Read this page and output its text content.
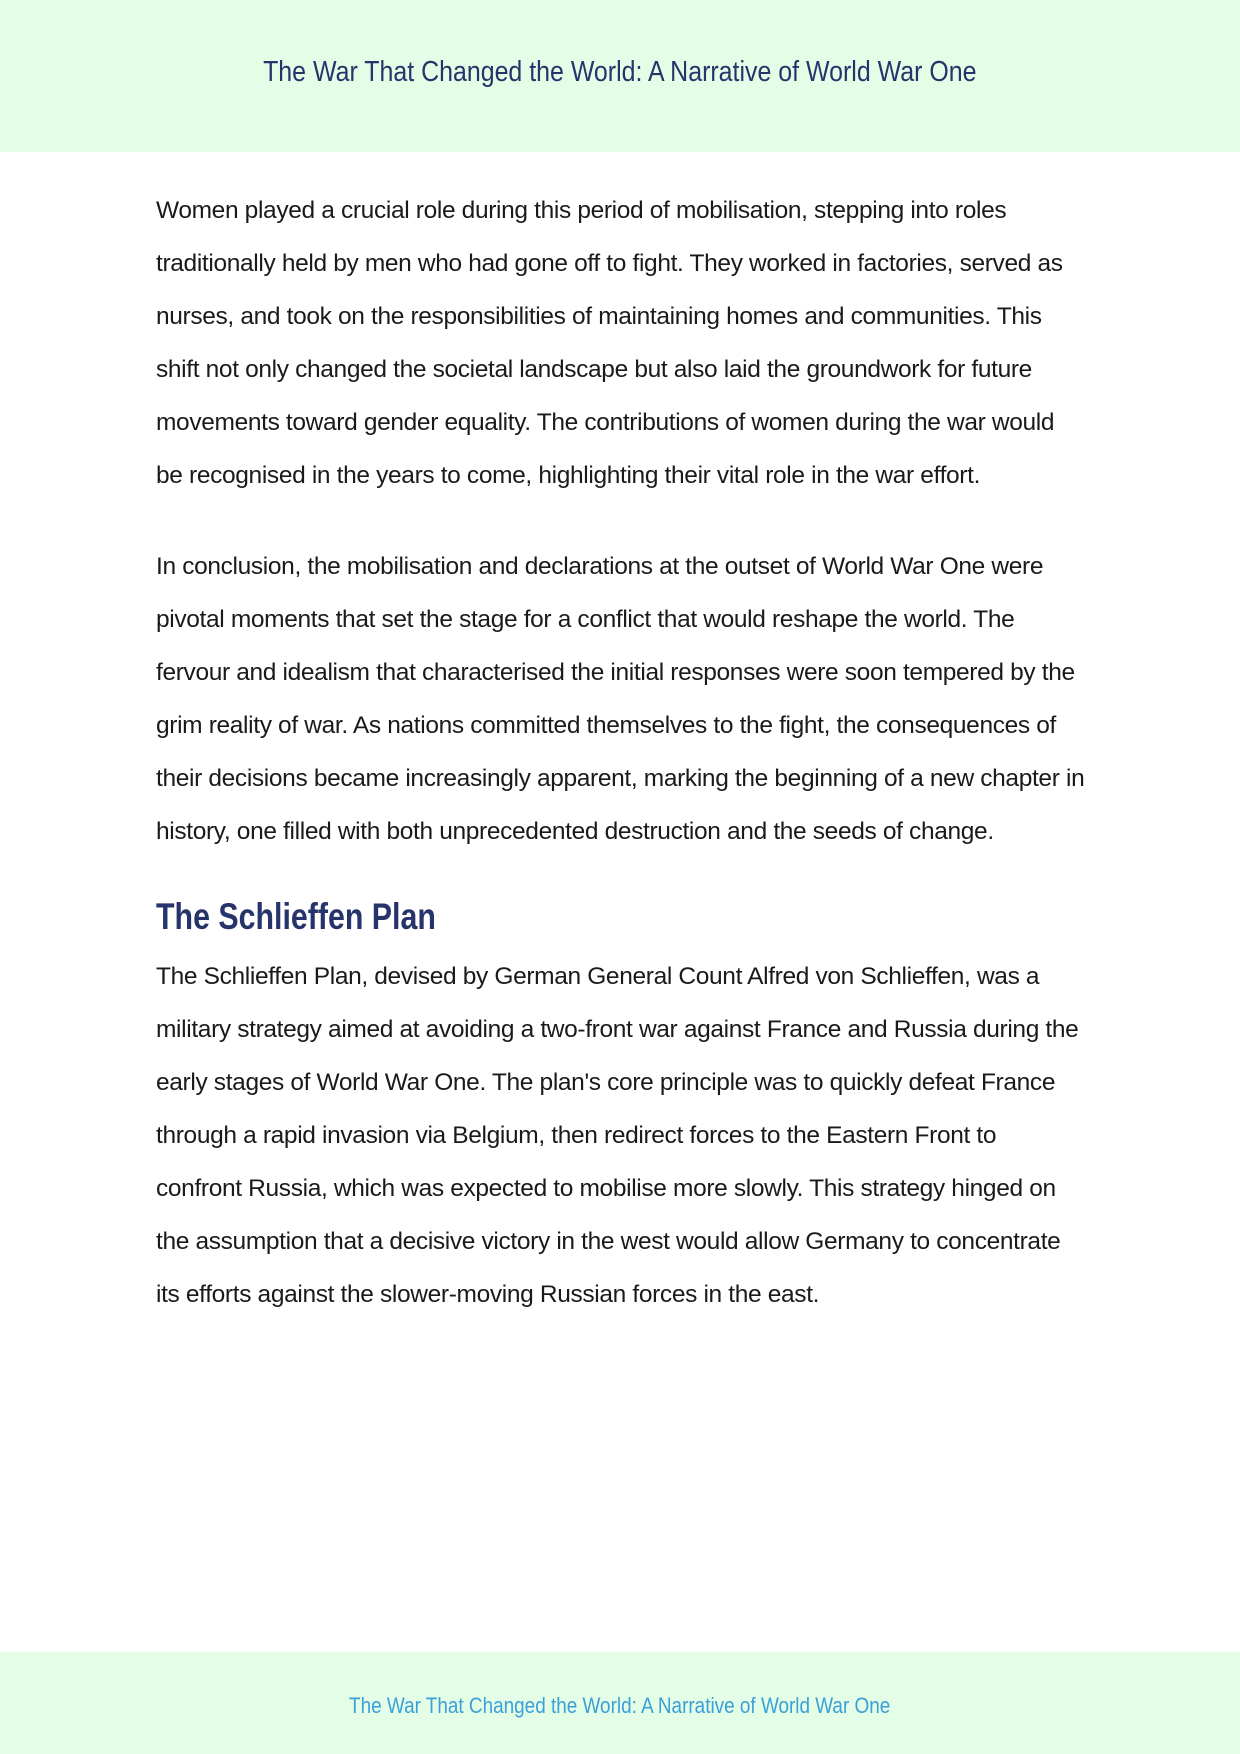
The War That Changed the World: A Narrative of World War One

Women played a crucial role during this period of mobilisation, stepping into roles traditionally held by men who had gone off to fight. They worked in factories, served as nurses, and took on the responsibilities of maintaining homes and communities. This shift not only changed the societal landscape but also laid the groundwork for future movements toward gender equality. The contributions of women during the war would be recognised in the years to come, highlighting their vital role in the war effort.

In conclusion, the mobilisation and declarations at the outset of World War One were pivotal moments that set the stage for a conflict that would reshape the world. The fervour and idealism that characterised the initial responses were soon tempered by the grim reality of war. As nations committed themselves to the fight, the consequences of their decisions became increasingly apparent, marking the beginning of a new chapter in history, one filled with both unprecedented destruction and the seeds of change.

The Schlieffen Plan

The Schlieffen Plan, devised by German General Count Alfred von Schlieffen, was a military strategy aimed at avoiding a two-front war against France and Russia during the early stages of World War One. The plan's core principle was to quickly defeat France through a rapid invasion via Belgium, then redirect forces to the Eastern Front to confront Russia, which was expected to mobilise more slowly. This strategy hinged on the assumption that a decisive victory in the west would allow Germany to concentrate its efforts against the slower-moving Russian forces in the east.

The War That Changed the World: A Narrative of World War One
